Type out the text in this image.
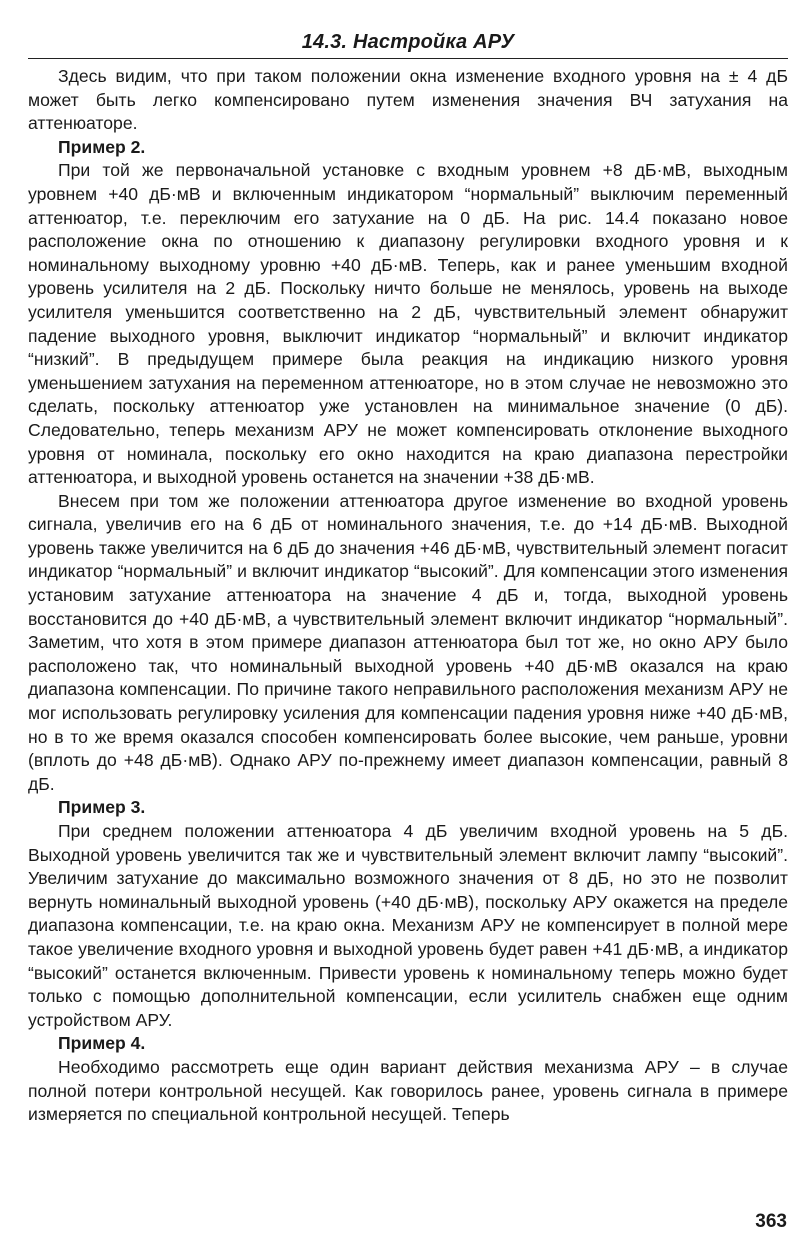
14.3. Настройка АРУ

Здесь видим, что при таком положении окна изменение входного уровня на ± 4 дБ может быть легко компенсировано путем изменения значения ВЧ затухания на аттенюаторе.

Пример 2.

При той же первоначальной установке с входным уровнем +8 дБ·мВ, выходным уровнем +40 дБ·мВ и включенным индикатором “нормальный” выключим переменный аттенюатор, т.е. переключим его затухание на 0 дБ. На рис. 14.4 показано новое расположение окна по отношению к диапазону регулировки входного уровня и к номинальному выходному уровню +40 дБ·мВ. Теперь, как и ранее уменьшим входной уровень усилителя на 2 дБ. Поскольку ничто больше не менялось, уровень на выходе усилителя уменьшится соответственно на 2 дБ, чувствительный элемент обнаружит падение выходного уровня, выключит индикатор “нормальный” и включит индикатор “низкий”. В предыдущем примере была реакция на индикацию низкого уровня уменьшением затухания на переменном аттенюаторе, но в этом случае не невозможно это сделать, поскольку аттенюатор уже установлен на минимальное значение (0 дБ). Следовательно, теперь механизм АРУ не может компенсировать отклонение выходного уровня от номинала, поскольку его окно находится на краю диапазона перестройки аттенюатора, и выходной уровень останется на значении +38 дБ·мВ.

Внесем при том же положении аттенюатора другое изменение во входной уровень сигнала, увеличив его на 6 дБ от номинального значения, т.е. до +14 дБ·мВ. Выходной уровень также увеличится на 6 дБ до значения +46 дБ·мВ, чувствительный элемент погасит индикатор “нормальный” и включит индикатор “высокий”. Для компенсации этого изменения установим затухание аттенюатора на значение 4 дБ и, тогда, выходной уровень восстановится до +40 дБ·мВ, а чувствительный элемент включит индикатор “нормальный”. Заметим, что хотя в этом примере диапазон аттенюатора был тот же, но окно АРУ было расположено так, что номинальный выходной уровень +40 дБ·мВ оказался на краю диапазона компенсации. По причине такого неправильного расположения механизм АРУ не мог использовать регулировку усиления для компенсации падения уровня ниже +40 дБ·мВ, но в то же время оказался способен компенсировать более высокие, чем раньше, уровни (вплоть до +48 дБ·мВ). Однако АРУ по-прежнему имеет диапазон компенсации, равный 8 дБ.

Пример 3.

При среднем положении аттенюатора 4 дБ увеличим входной уровень на 5 дБ. Выходной уровень увеличится так же и чувствительный элемент включит лампу “высокий”. Увеличим затухание до максимально возможного значения от 8 дБ, но это не позволит вернуть номинальный выходной уровень (+40 дБ·мВ), поскольку АРУ окажется на пределе диапазона компенсации, т.е. на краю окна. Механизм АРУ не компенсирует в полной мере такое увеличение входного уровня и выходной уровень будет равен +41 дБ·мВ, а индикатор “высокий” останется включенным. Привести уровень к номинальному теперь можно будет только с помощью дополнительной компенсации, если усилитель снабжен еще одним устройством АРУ.

Пример 4.

Необходимо рассмотреть еще один вариант действия механизма АРУ – в случае полной потери контрольной несущей. Как говорилось ранее, уровень сигнала в примере измеряется по специальной контрольной несущей. Теперь

363
